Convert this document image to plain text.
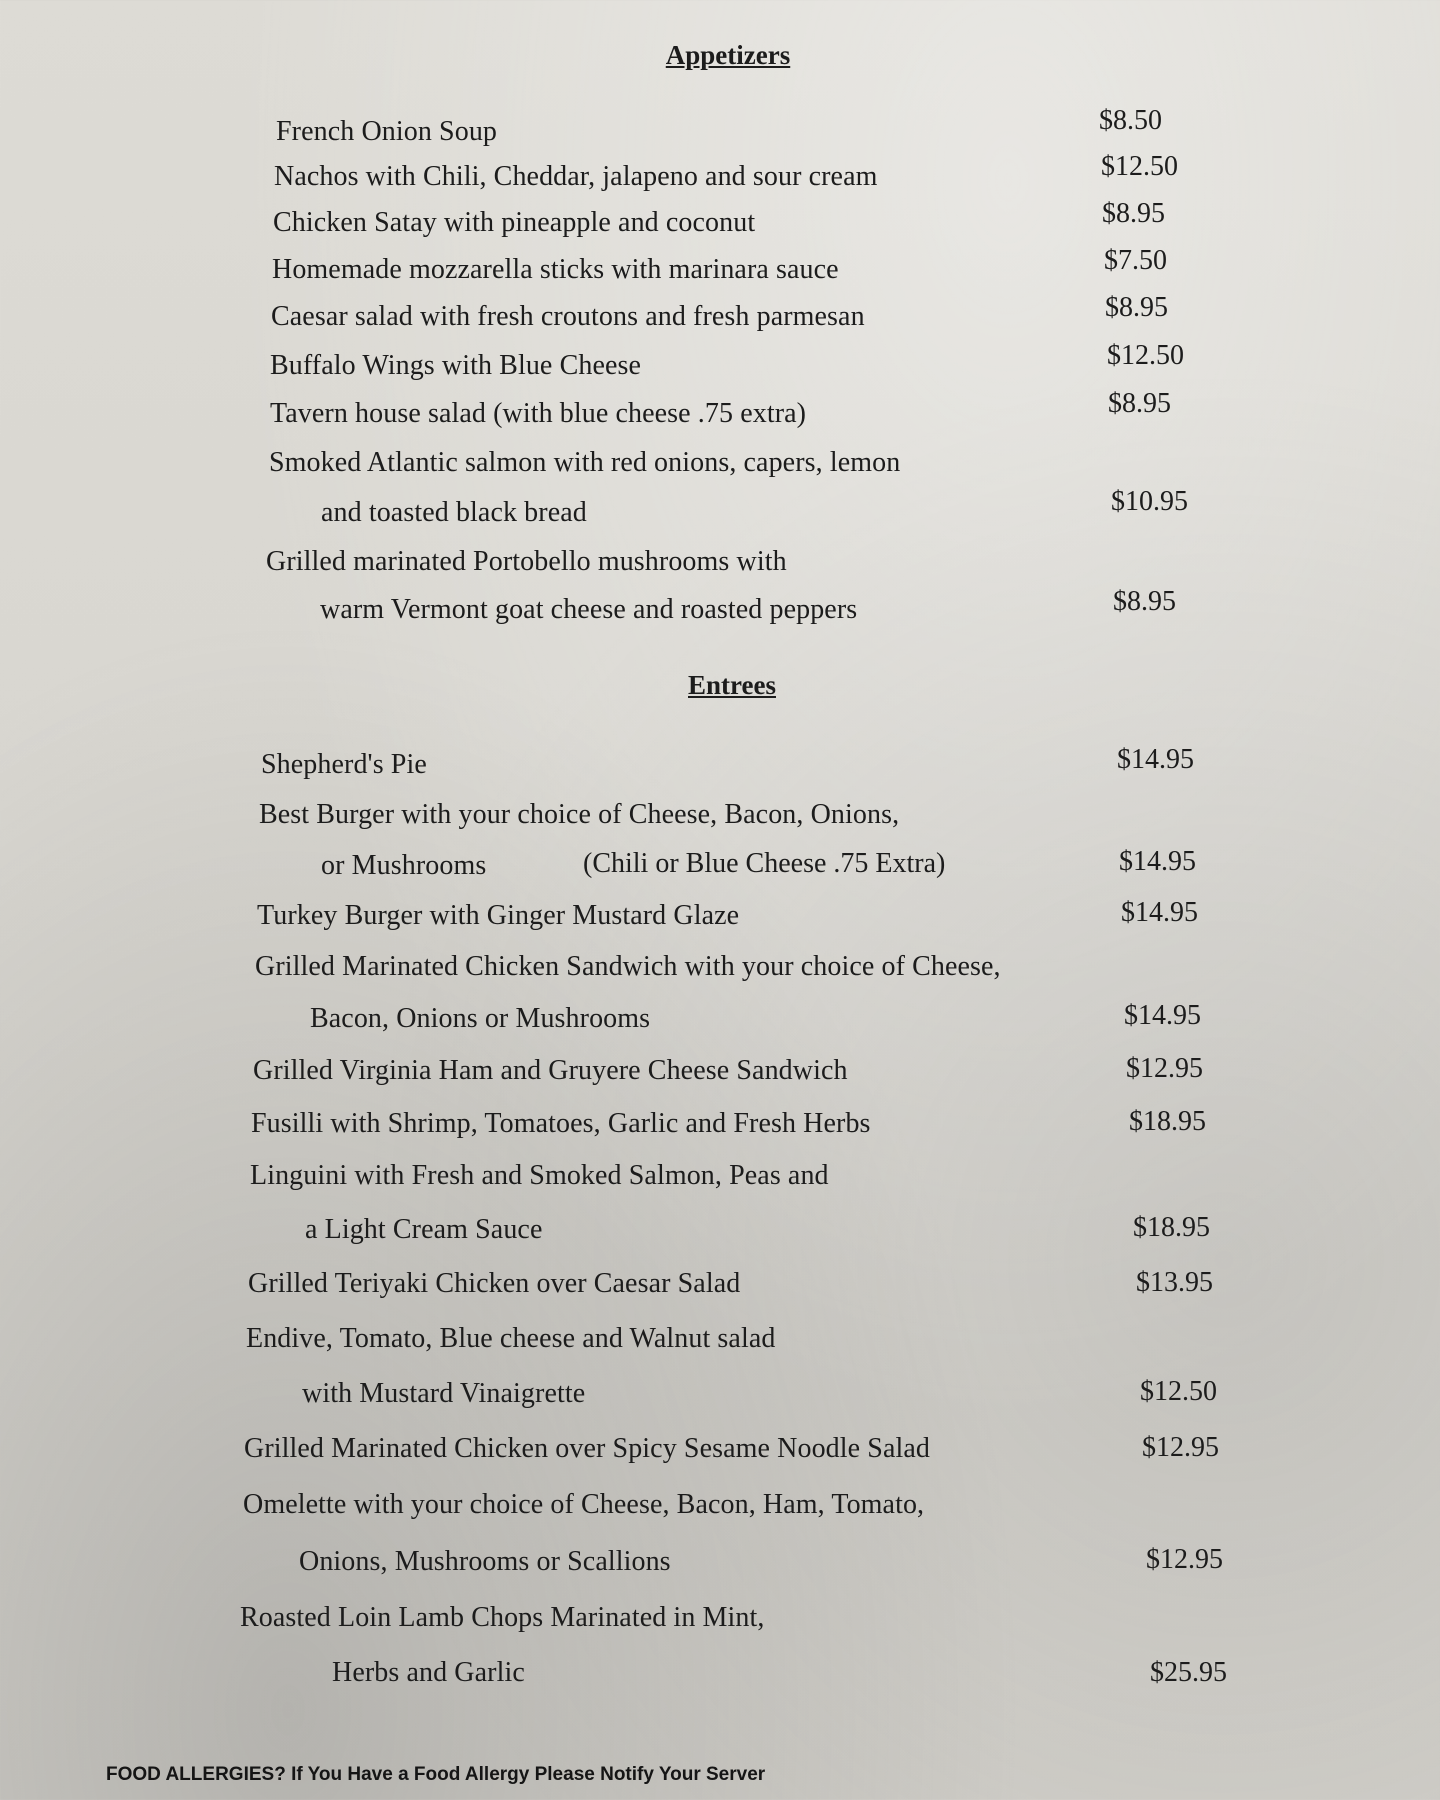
Appetizers
French Onion Soup	$8.50
Nachos with Chili, Cheddar, jalapeno and sour cream	$12.50
Chicken Satay with pineapple and coconut	$8.95
Homemade mozzarella sticks with marinara sauce	$7.50
Caesar salad with fresh croutons and fresh parmesan	$8.95
Buffalo Wings with Blue Cheese	$12.50
Tavern house salad (with blue cheese .75 extra)	$8.95
Smoked Atlantic salmon with red onions, capers, lemon
and toasted black bread	$10.95
Grilled marinated Portobello mushrooms with
warm Vermont goat cheese and roasted peppers	$8.95
Entrees
Shepherd's Pie	$14.95
Best Burger with your choice of Cheese, Bacon, Onions,
or Mushrooms	(Chili or Blue Cheese .75 Extra)	$14.95
Turkey Burger with Ginger Mustard Glaze	$14.95
Grilled Marinated Chicken Sandwich with your choice of Cheese,
Bacon, Onions or Mushrooms	$14.95
Grilled Virginia Ham and Gruyere Cheese Sandwich	$12.95
Fusilli with Shrimp, Tomatoes, Garlic and Fresh Herbs	$18.95
Linguini with Fresh and Smoked Salmon, Peas and
a Light Cream Sauce	$18.95
Grilled Teriyaki Chicken over Caesar Salad	$13.95
Endive, Tomato, Blue cheese and Walnut salad
with Mustard Vinaigrette	$12.50
Grilled Marinated Chicken over Spicy Sesame Noodle Salad	$12.95
Omelette with your choice of Cheese, Bacon, Ham, Tomato,
Onions, Mushrooms or Scallions	$12.95
Roasted Loin Lamb Chops Marinated in Mint,
Herbs and Garlic	$25.95
FOOD ALLERGIES? If You Have a Food Allergy Please Notify Your Server
